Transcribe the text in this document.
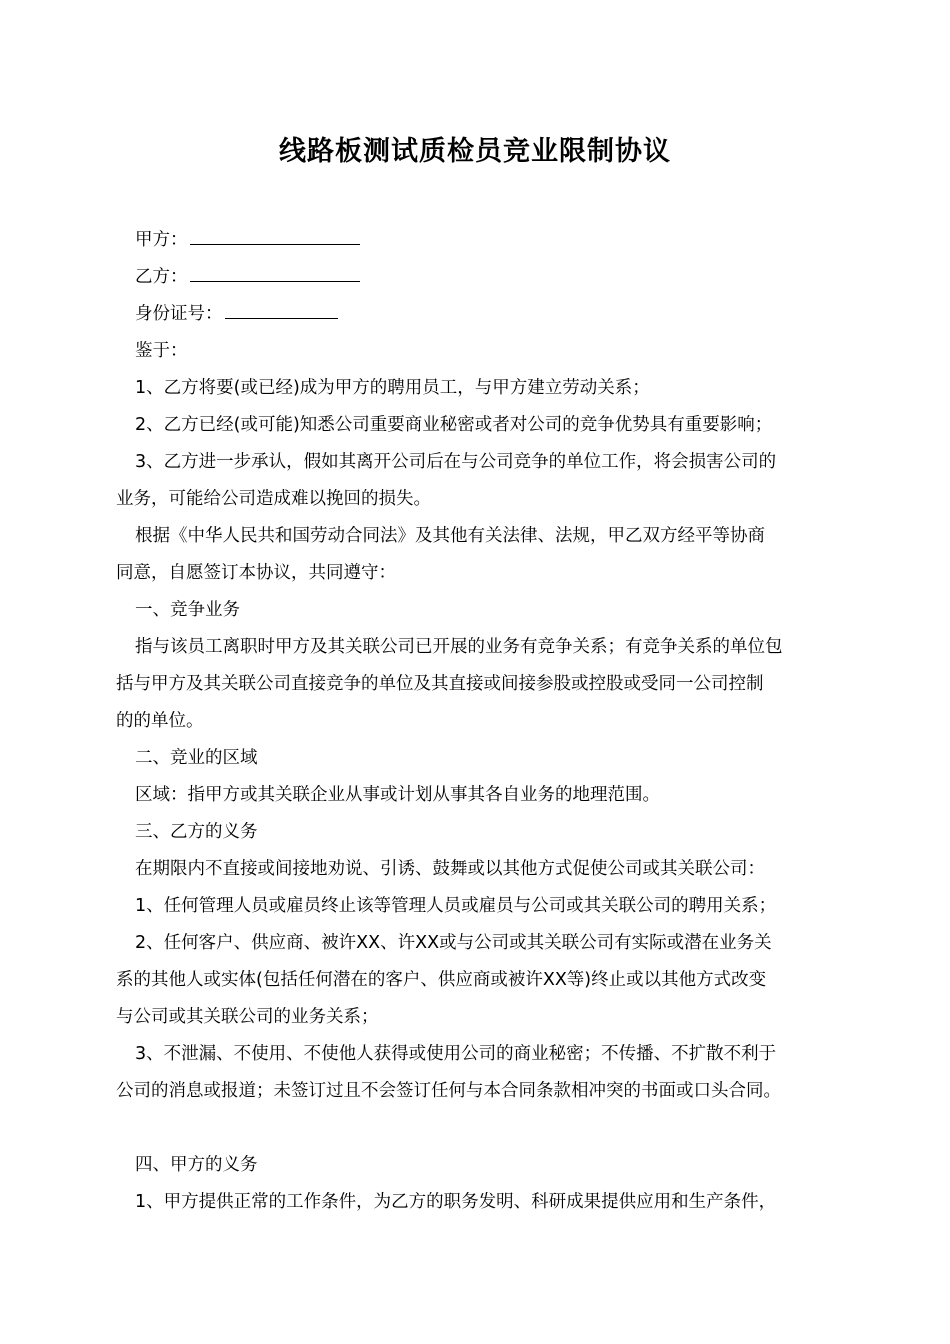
线路板测试质检员竞业限制协议
甲方：
乙方：
身份证号：
鉴于：
1、乙方将要(或已经)成为甲方的聘用员工，与甲方建立劳动关系；
2、乙方已经(或可能)知悉公司重要商业秘密或者对公司的竞争优势具有重要影响；
3、乙方进一步承认，假如其离开公司后在与公司竞争的单位工作，将会损害公司的
业务，可能给公司造成难以挽回的损失。
根据《中华人民共和国劳动合同法》及其他有关法律、法规，甲乙双方经平等协商
同意，自愿签订本协议，共同遵守：
一、竞争业务
指与该员工离职时甲方及其关联公司已开展的业务有竞争关系；有竞争关系的单位包
括与甲方及其关联公司直接竞争的单位及其直接或间接参股或控股或受同一公司控制
的的单位。
二、竞业的区域
区域：指甲方或其关联企业从事或计划从事其各自业务的地理范围。
三、乙方的义务
在期限内不直接或间接地劝说、引诱、鼓舞或以其他方式促使公司或其关联公司：
1、任何管理人员或雇员终止该等管理人员或雇员与公司或其关联公司的聘用关系；
2、任何客户、供应商、被许XX、许XX或与公司或其关联公司有实际或潜在业务关
系的其他人或实体(包括任何潜在的客户、供应商或被许XX等)终止或以其他方式改变
与公司或其关联公司的业务关系；
3、不泄漏、不使用、不使他人获得或使用公司的商业秘密；不传播、不扩散不利于
公司的消息或报道；未签订过且不会签订任何与本合同条款相冲突的书面或口头合同。
四、甲方的义务
1、甲方提供正常的工作条件，为乙方的职务发明、科研成果提供应用和生产条件，
